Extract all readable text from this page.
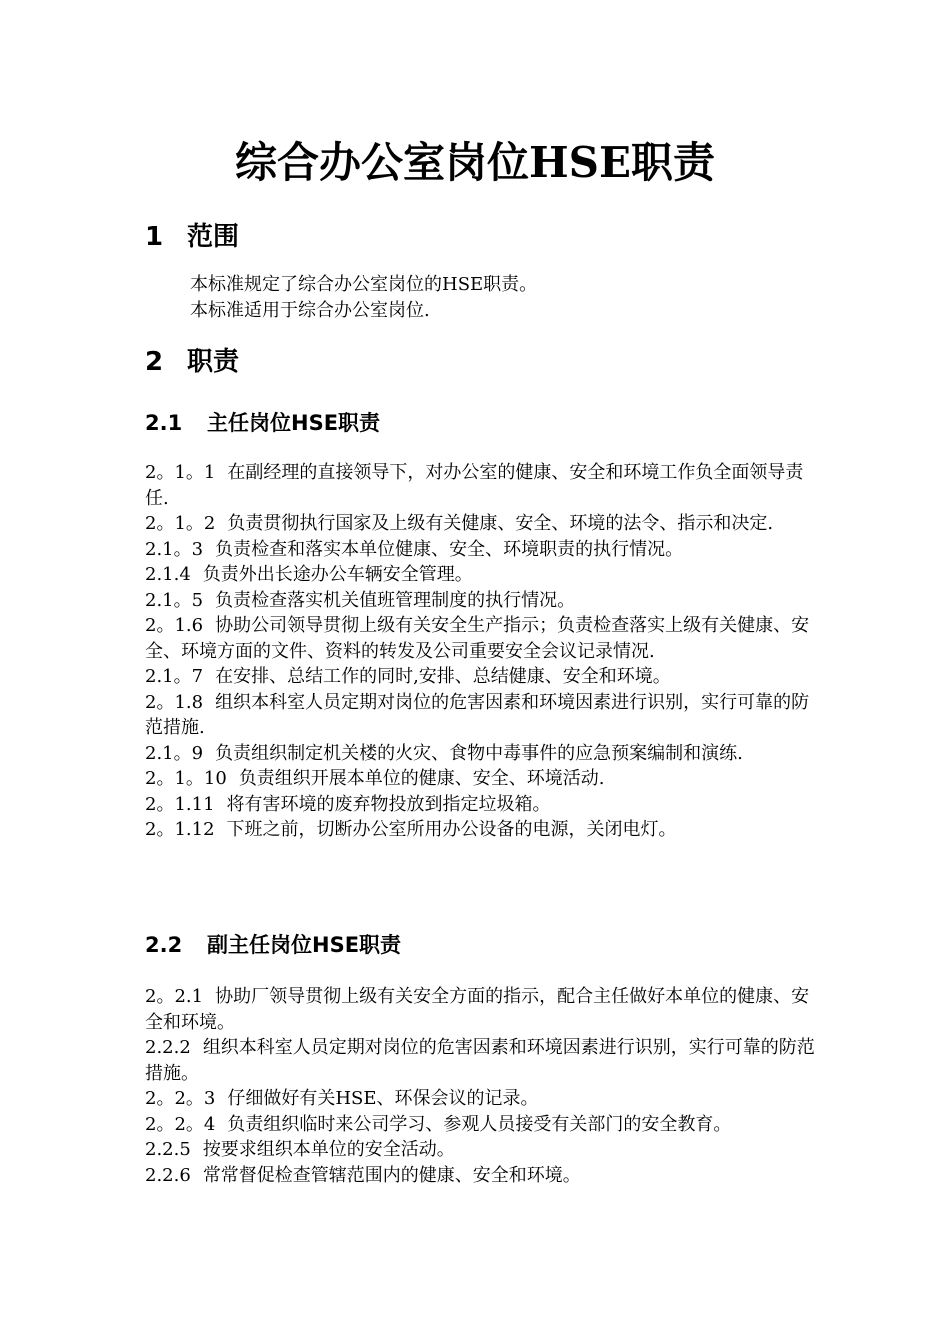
综合办公室岗位HSE职责
1 范围
本标准规定了综合办公室岗位的HSE职责。
本标准适用于综合办公室岗位.
2 职责
2.1 主任岗位HSE职责
2。1。1 在副经理的直接领导下，对办公室的健康、安全和环境工作负全面领导责任.
2。1。2 负责贯彻执行国家及上级有关健康、安全、环境的法令、指示和决定.
2.1。3 负责检查和落实本单位健康、安全、环境职责的执行情况。
2.1.4 负责外出长途办公车辆安全管理。
2.1。5 负责检查落实机关值班管理制度的执行情况。
2。1.6 协助公司领导贯彻上级有关安全生产指示；负责检查落实上级有关健康、安全、环境方面的文件、资料的转发及公司重要安全会议记录情况.
2.1。7 在安排、总结工作的同时,安排、总结健康、安全和环境。
2。1.8 组织本科室人员定期对岗位的危害因素和环境因素进行识别，实行可靠的防范措施.
2.1。9 负责组织制定机关楼的火灾、食物中毒事件的应急预案编制和演练.
2。1。10 负责组织开展本单位的健康、安全、环境活动.
2。1.11 将有害环境的废弃物投放到指定垃圾箱。
2。1.12 下班之前，切断办公室所用办公设备的电源，关闭电灯。
2.2 副主任岗位HSE职责
2。2.1 协助厂领导贯彻上级有关安全方面的指示，配合主任做好本单位的健康、安全和环境。
2.2.2 组织本科室人员定期对岗位的危害因素和环境因素进行识别，实行可靠的防范措施。
2。2。3 仔细做好有关HSE、环保会议的记录。
2。2。4 负责组织临时来公司学习、参观人员接受有关部门的安全教育。
2.2.5 按要求组织本单位的安全活动。
2.2.6 常常督促检查管辖范围内的健康、安全和环境。
